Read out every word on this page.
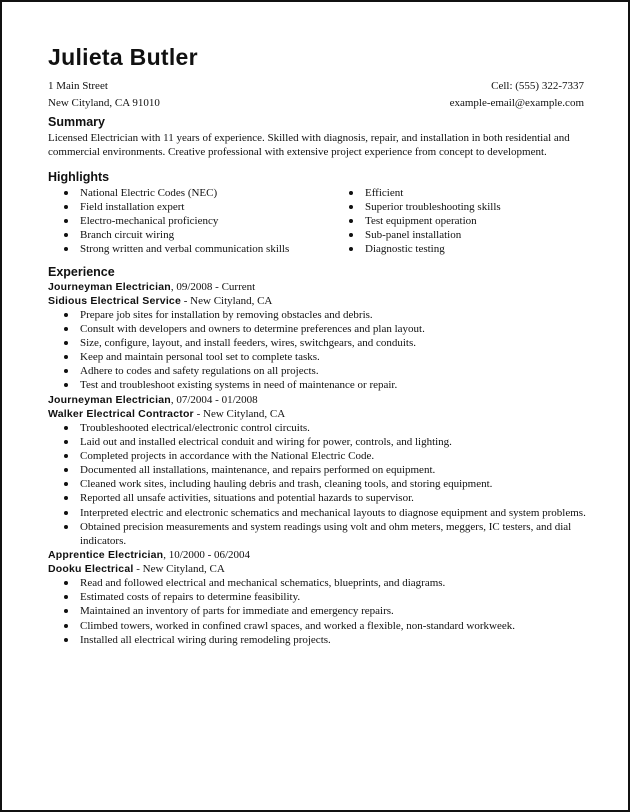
Julieta Butler
1 Main Street
New Cityland, CA 91010
Cell: (555) 322-7337
example-email@example.com
Summary

Licensed Electrician with 11 years of experience. Skilled with diagnosis, repair, and installation in both residential and commercial environments. Creative professional with extensive project experience from concept to development.

Highlights
National Electric Codes (NEC)
Field installation expert
Electro-mechanical proficiency
Branch circuit wiring
Strong written and verbal communication skills
Efficient
Superior troubleshooting skills
Test equipment operation
Sub-panel installation
Diagnostic testing
Experience

Journeyman Electrician, 09/2008 - Current

Sidious Electrical Service - New Cityland, CA

Prepare job sites for installation by removing obstacles and debris.
Consult with developers and owners to determine preferences and plan layout.
Size, configure, layout, and install feeders, wires, switchgears, and conduits.
Keep and maintain personal tool set to complete tasks.
Adhere to codes and safety regulations on all projects.
Test and troubleshoot existing systems in need of maintenance or repair.

Journeyman Electrician, 07/2004 - 01/2008

Walker Electrical Contractor - New Cityland, CA

Troubleshooted electrical/electronic control circuits.
Laid out and installed electrical conduit and wiring for power, controls, and lighting.
Completed projects in accordance with the National Electric Code.
Documented all installations, maintenance, and repairs performed on equipment.
Cleaned work sites, including hauling debris and trash, cleaning tools, and storing equipment.
Reported all unsafe activities, situations and potential hazards to supervisor.
Interpreted electric and electronic schematics and mechanical layouts to diagnose equipment and system problems.
Obtained precision measurements and system readings using volt and ohm meters, meggers, IC testers, and dial indicators.

Apprentice Electrician, 10/2000 - 06/2004

Dooku Electrical - New Cityland, CA

Read and followed electrical and mechanical schematics, blueprints, and diagrams.
Estimated costs of repairs to determine feasibility.
Maintained an inventory of parts for immediate and emergency repairs.
Climbed towers, worked in confined crawl spaces, and worked a flexible, non-standard workweek.
Installed all electrical wiring during remodeling projects.
